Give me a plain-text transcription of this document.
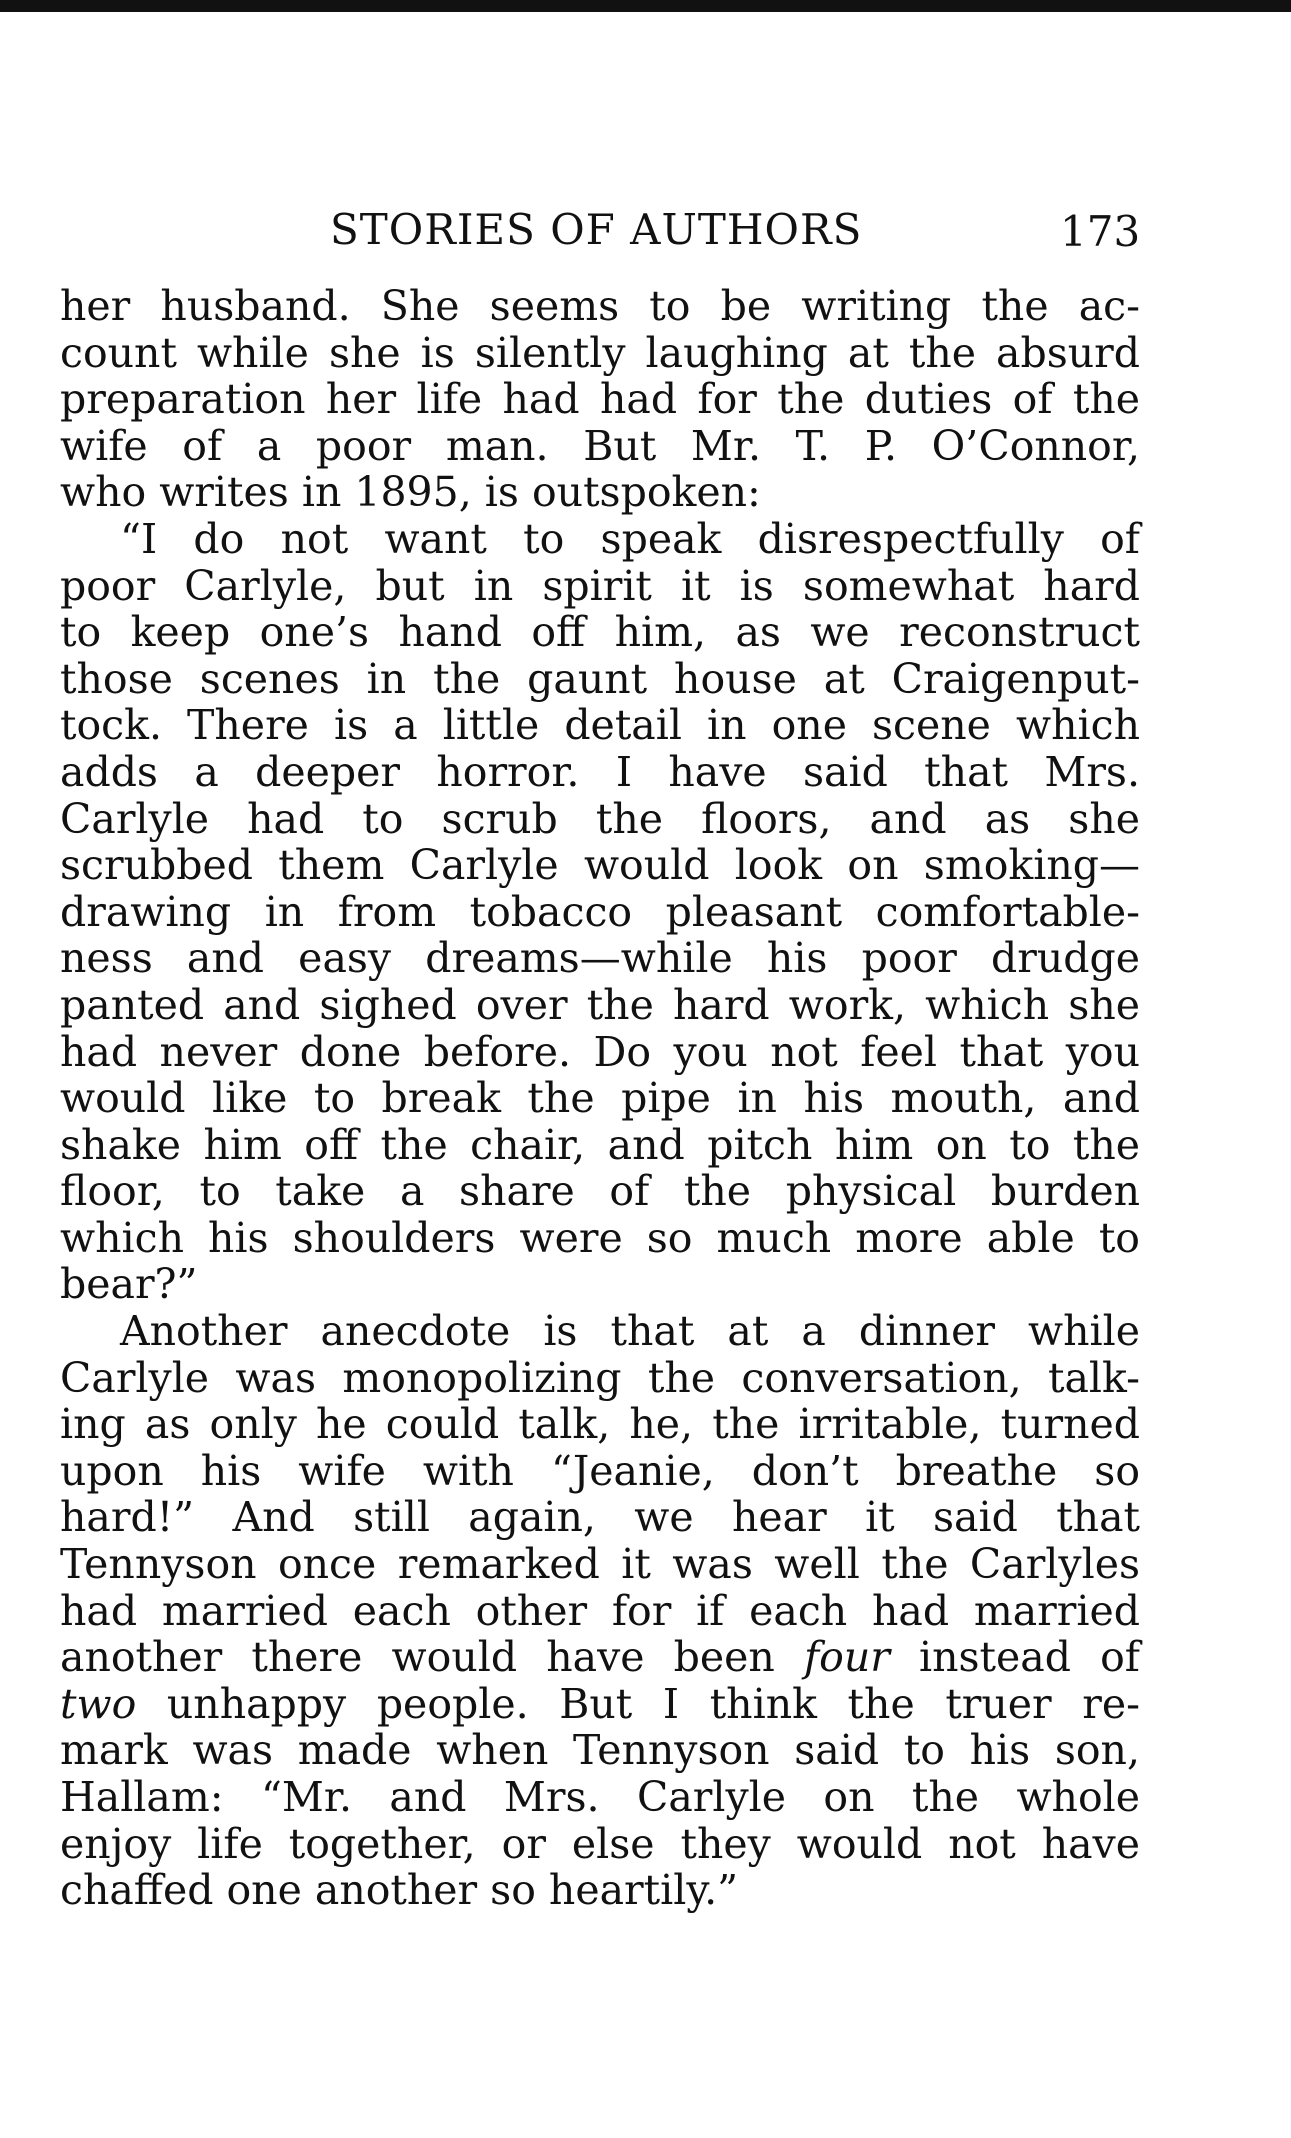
STORIES OF AUTHORS	173
her husband. She seems to be writing the ac-
count while she is silently laughing at the absurd
preparation her life had had for the duties of the
wife of a poor man. But Mr. T. P. O’Connor,
who writes in 1895, is outspoken:
“I do not want to speak disrespectfully of
poor Carlyle, but in spirit it is somewhat hard
to keep one’s hand off him, as we reconstruct
those scenes in the gaunt house at Craigenput-
tock. There is a little detail in one scene which
adds a deeper horror. I have said that Mrs.
Carlyle had to scrub the floors, and as she
scrubbed them Carlyle would look on smoking—
drawing in from tobacco pleasant comfortable-
ness and easy dreams—while his poor drudge
panted and sighed over the hard work, which she
had never done before. Do you not feel that you
would like to break the pipe in his mouth, and
shake him off the chair, and pitch him on to the
floor, to take a share of the physical burden
which his shoulders were so much more able to
bear?”
Another anecdote is that at a dinner while
Carlyle was monopolizing the conversation, talk-
ing as only he could talk, he, the irritable, turned
upon his wife with “Jeanie, don’t breathe so
hard!” And still again, we hear it said that
Tennyson once remarked it was well the Carlyles
had married each other for if each had married
another there would have been four instead of
two unhappy people. But I think the truer re-
mark was made when Tennyson said to his son,
Hallam: “Mr. and Mrs. Carlyle on the whole
enjoy life together, or else they would not have
chaffed one another so heartily.”
